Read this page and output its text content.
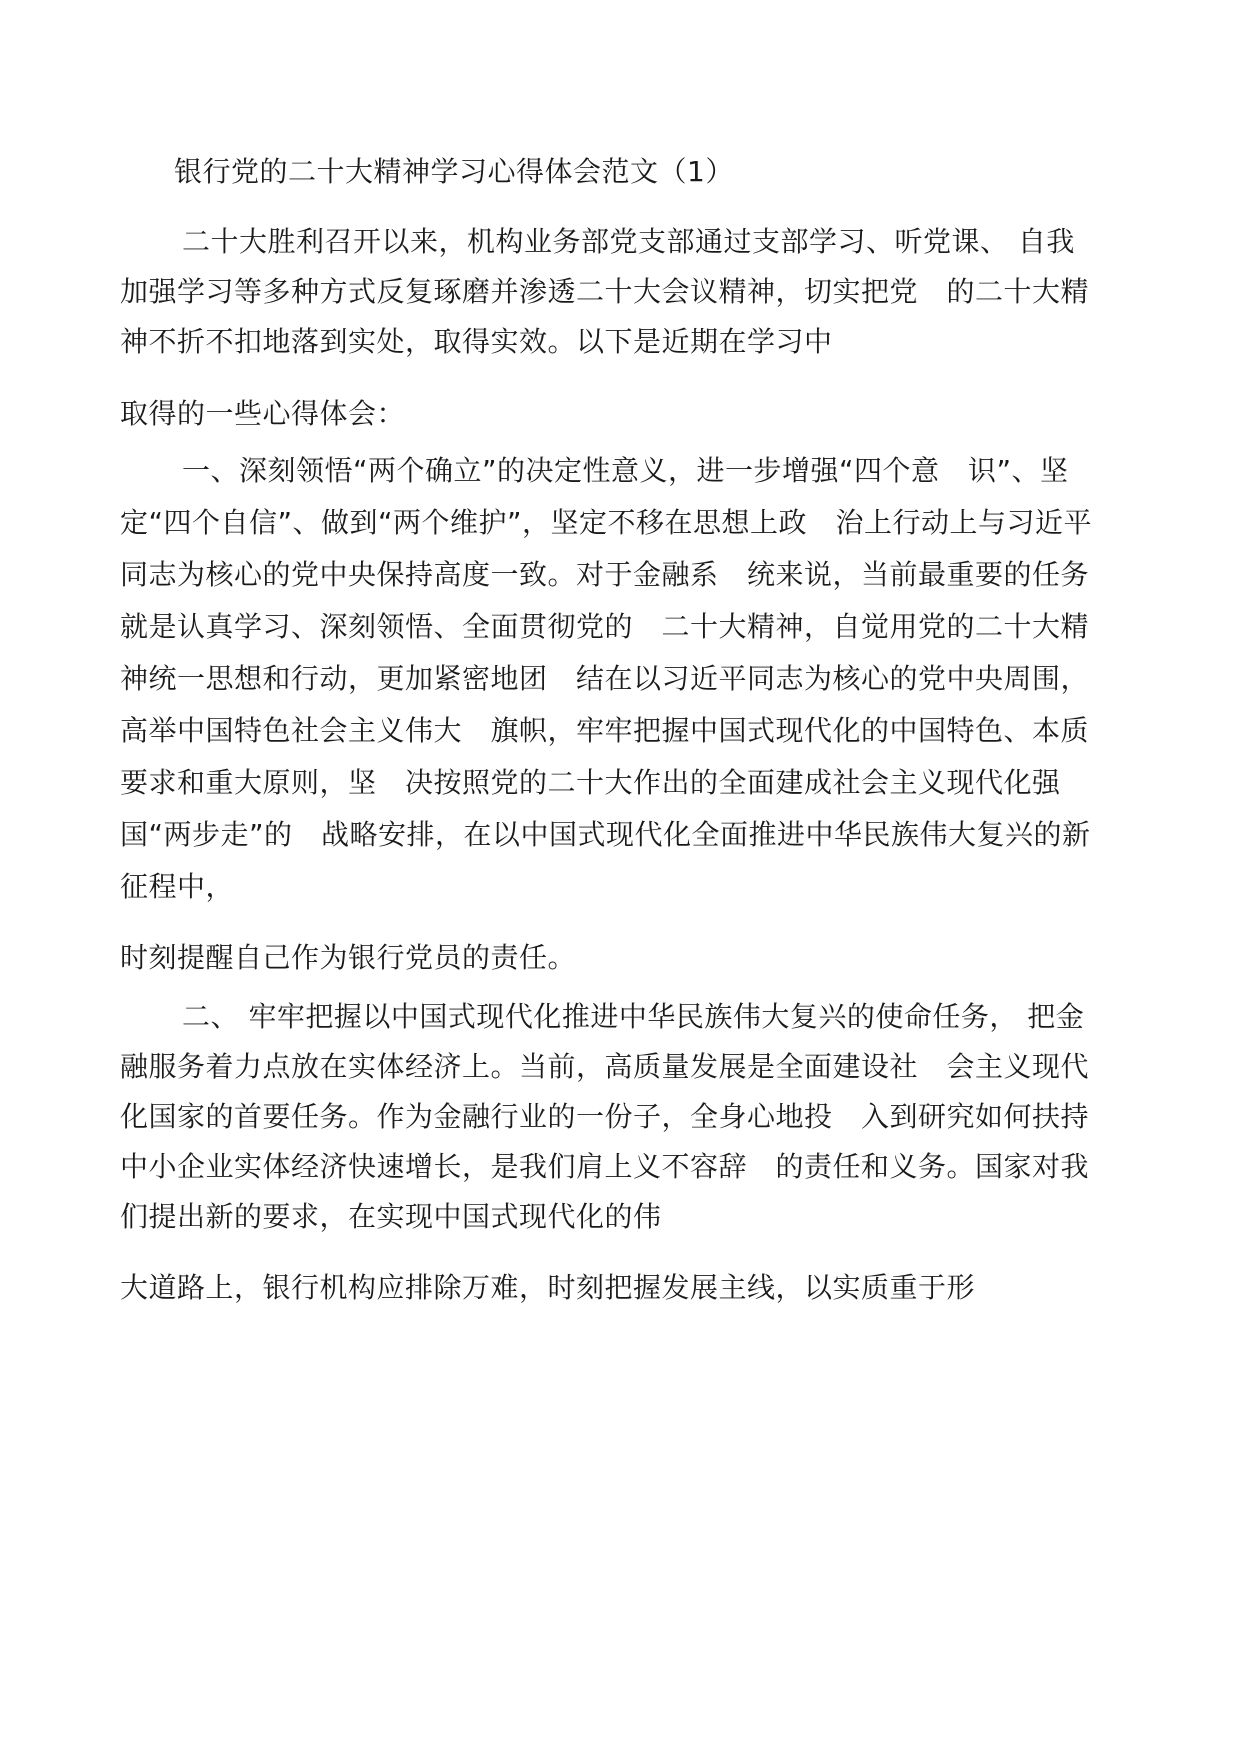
银行党的二十大精神学习心得体会范文（1）
二十大胜利召开以来，机构业务部党支部通过支部学习、听党课、 自我
加强学习等多种方式反复琢磨并渗透二十大会议精神，切实把党　的二十大精
神不折不扣地落到实处，取得实效。以下是近期在学习中
取得的一些心得体会：
一、深刻领悟“两个确立”的决定性意义，进一步增强“四个意　识”、坚
定“四个自信”、做到“两个维护”，坚定不移在思想上政　治上行动上与习近平
同志为核心的党中央保持高度一致。对于金融系　统来说，当前最重要的任务
就是认真学习、深刻领悟、全面贯彻党的　二十大精神，自觉用党的二十大精
神统一思想和行动，更加紧密地团　结在以习近平同志为核心的党中央周围，
高举中国特色社会主义伟大　旗帜，牢牢把握中国式现代化的中国特色、本质
要求和重大原则，坚　决按照党的二十大作出的全面建成社会主义现代化强
国“两步走”的　战略安排，在以中国式现代化全面推进中华民族伟大复兴的新
征程中，
时刻提醒自己作为银行党员的责任。
二、 牢牢把握以中国式现代化推进中华民族伟大复兴的使命任务， 把金
融服务着力点放在实体经济上。当前，高质量发展是全面建设社　会主义现代
化国家的首要任务。作为金融行业的一份子，全身心地投　入到研究如何扶持
中小企业实体经济快速增长，是我们肩上义不容辞　的责任和义务。国家对我
们提出新的要求，在实现中国式现代化的伟
大道路上，银行机构应排除万难，时刻把握发展主线，以实质重于形
